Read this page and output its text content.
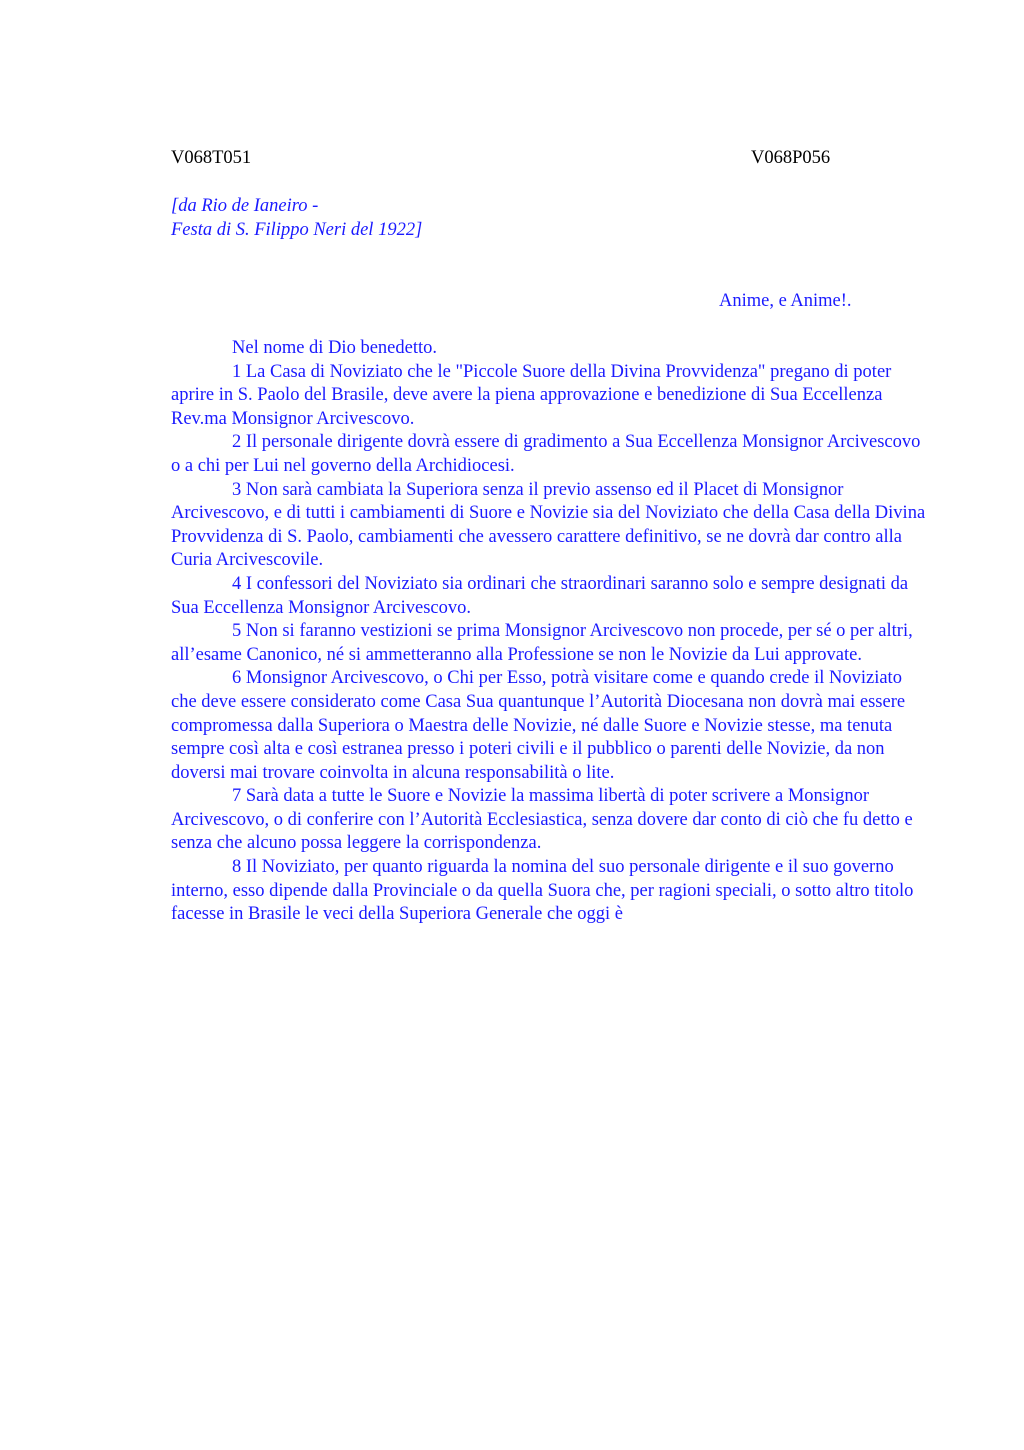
V068T051	V068P056
[da Rio de Ianeiro -
Festa di S. Filippo Neri del 1922]
Anime, e Anime!.

Nel nome di Dio benedetto.

1 La Casa di Noviziato che le "Piccole Suore della Divina Provvidenza" pregano di poter aprire in S. Paolo del Brasile, deve avere la piena approvazione e benedizione di Sua Eccellenza Rev.ma Monsignor Arcivescovo.

2 Il personale dirigente dovrà essere di gradimento a Sua Eccellenza Monsignor Arcivescovo o a chi per Lui nel governo della Archidiocesi.

3 Non sarà cambiata la Superiora senza il previo assenso ed il Placet di Monsignor Arcivescovo, e di tutti i cambiamenti di Suore e Novizie sia del Noviziato che della Casa della Divina Provvidenza di S. Paolo, cambiamenti che avessero carattere definitivo, se ne dovrà dar contro alla Curia Arcivescovile.

4 I confessori del Noviziato sia ordinari che straordinari saranno solo e sempre designati da Sua Eccellenza Monsignor Arcivescovo.

5 Non si faranno vestizioni se prima Monsignor Arcivescovo non procede, per sé o per altri, all’esame Canonico, né si ammetteranno alla Professione se non le Novizie da Lui approvate.

6 Monsignor Arcivescovo, o Chi per Esso, potrà visitare come e quando crede il Noviziato che deve essere considerato come Casa Sua quantunque l’Autorità Diocesana non dovrà mai essere compromessa dalla Superiora o Maestra delle Novizie, né dalle Suore e Novizie stesse, ma tenuta sempre così alta e così estranea presso i poteri civili e il pubblico o parenti delle Novizie, da non doversi mai trovare coinvolta in alcuna responsabilità o lite.

7 Sarà data a tutte le Suore e Novizie la massima libertà di poter scrivere a Monsignor Arcivescovo, o di conferire con l’Autorità Ecclesiastica, senza dovere dar conto di ciò che fu detto e senza che alcuno possa leggere la corrispondenza.

8 Il Noviziato, per quanto riguarda la nomina del suo personale dirigente e il suo governo interno, esso dipende dalla Provinciale o da quella Suora che, per ragioni speciali, o sotto altro titolo facesse in Brasile le veci della Superiora Generale che oggi è
